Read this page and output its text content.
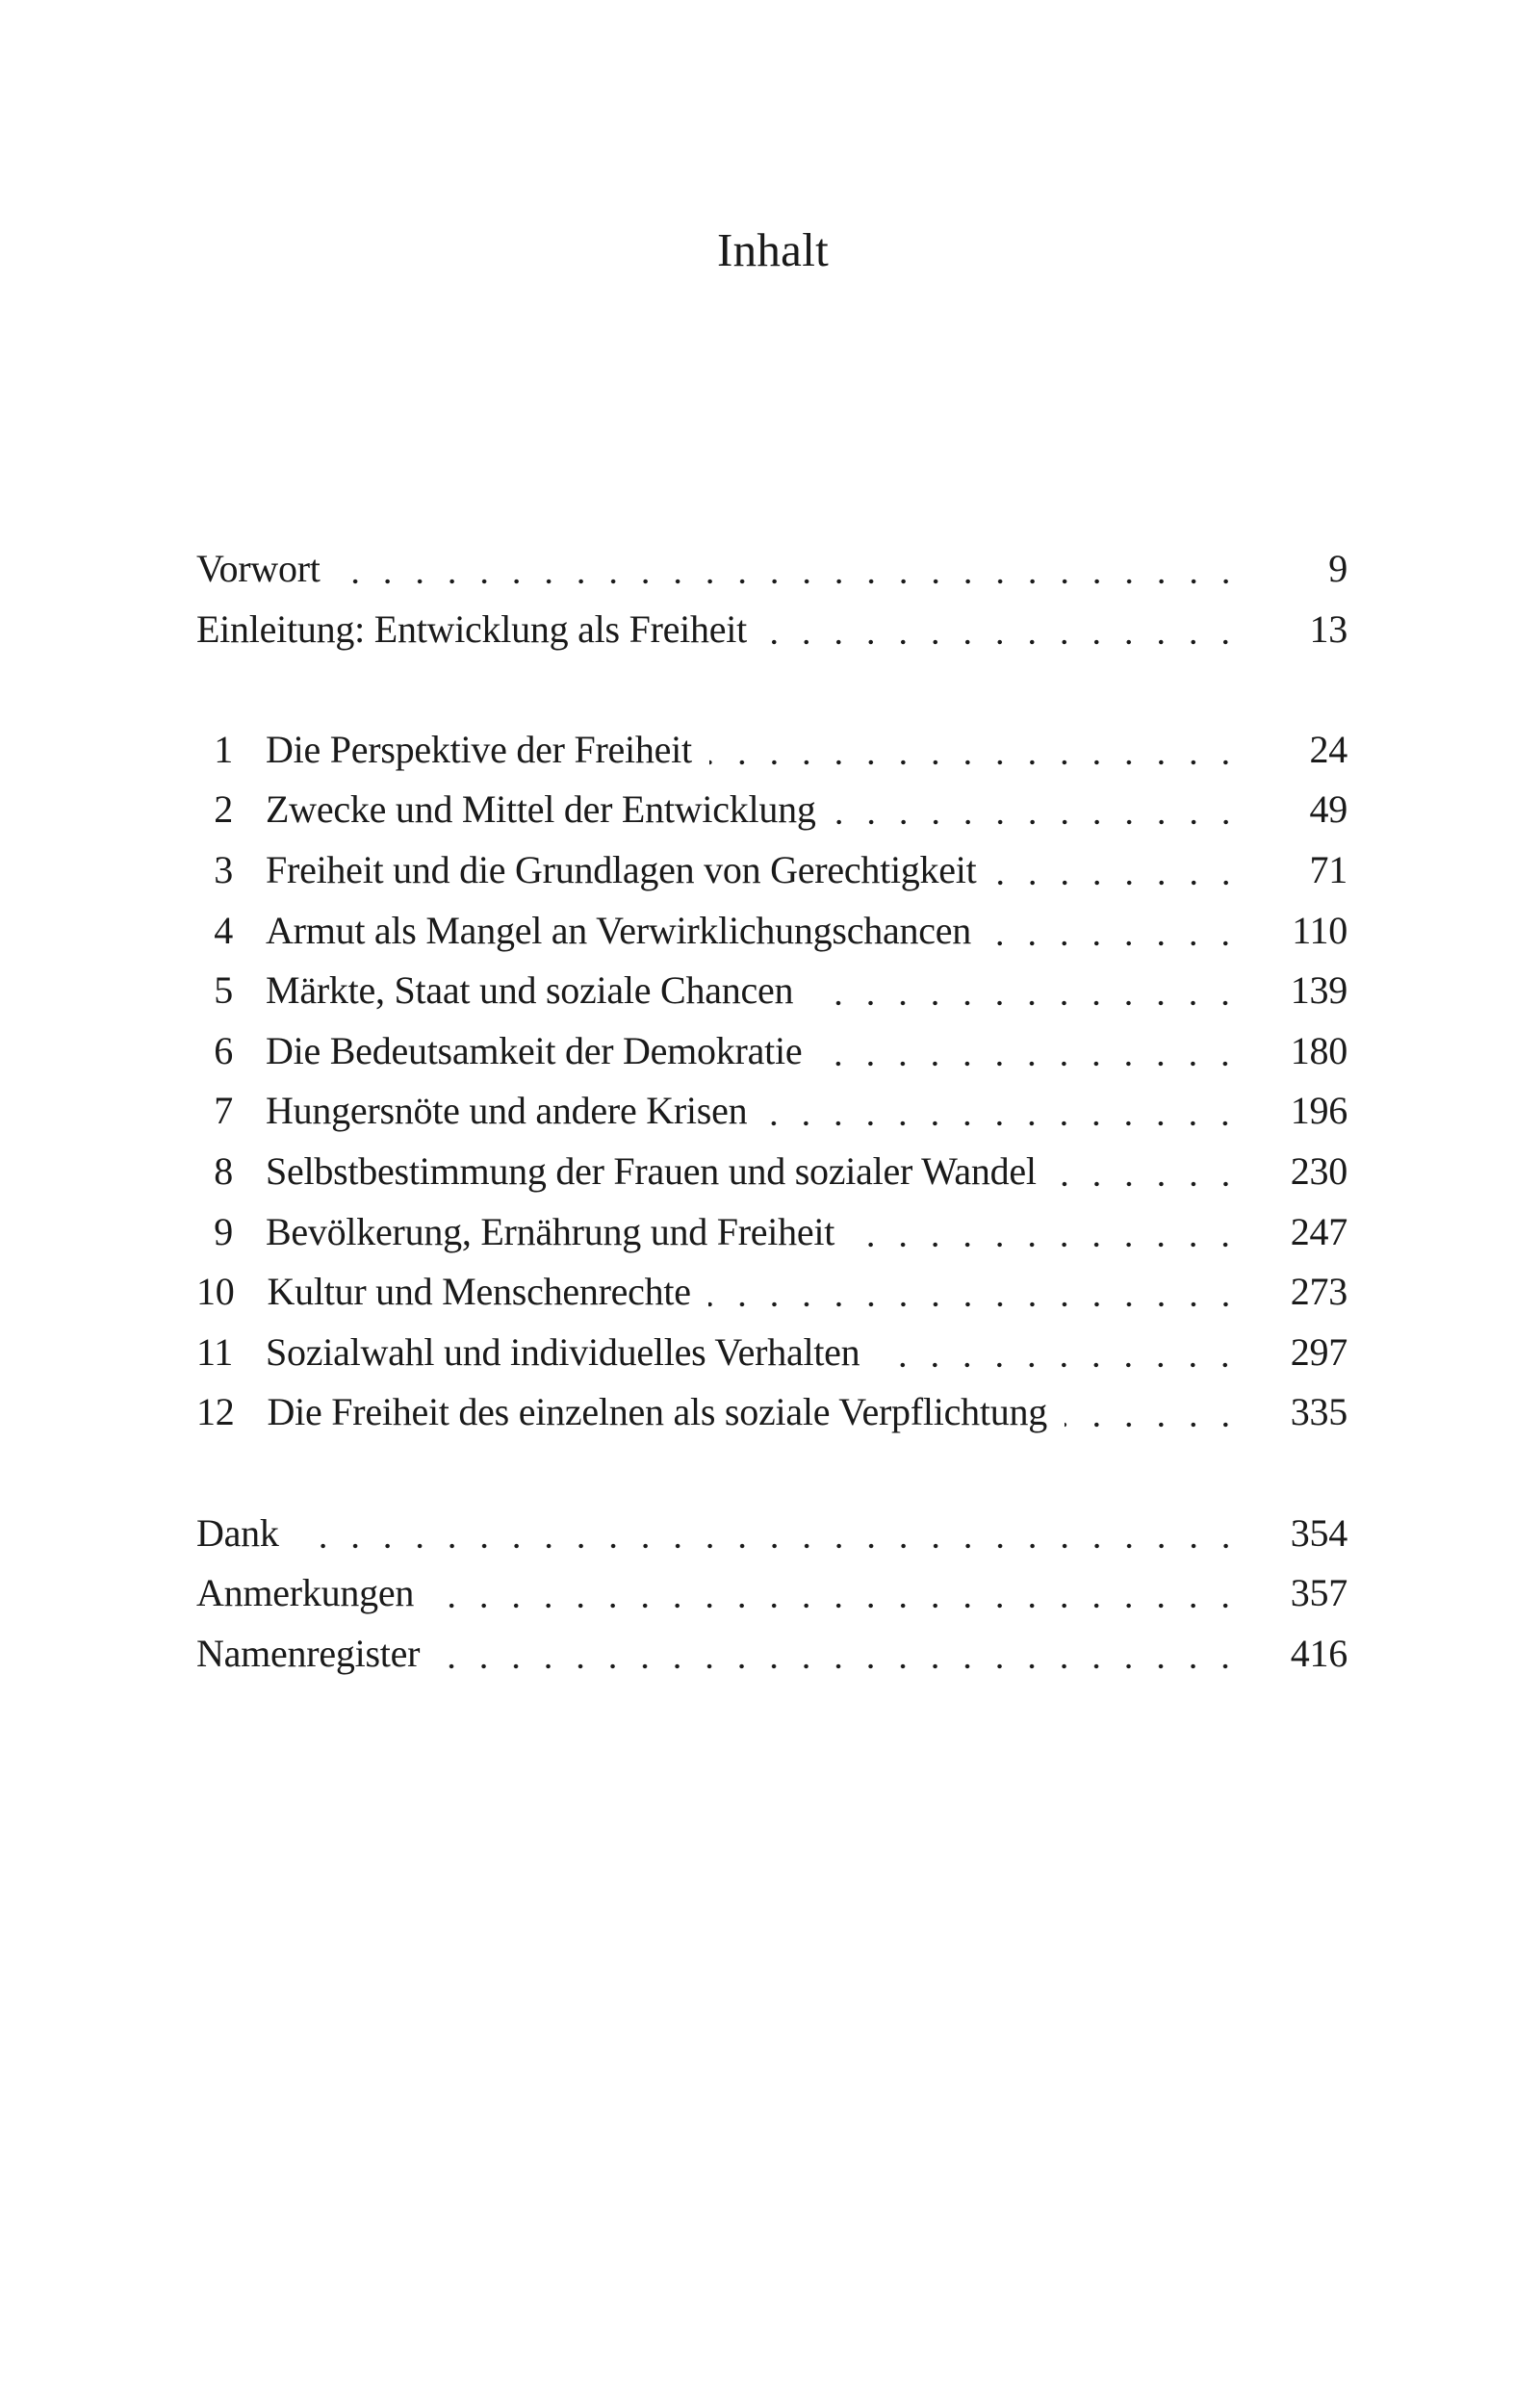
Inhalt
Vorwort	9
Einleitung: Entwicklung als Freiheit	13
1 Die Perspektive der Freiheit	24
2 Zwecke und Mittel der Entwicklung	49
3 Freiheit und die Grundlagen von Gerechtigkeit	71
4 Armut als Mangel an Verwirklichungschancen	110
5 Märkte, Staat und soziale Chancen	139
6 Die Bedeutsamkeit der Demokratie	180
7 Hungersnöte und andere Krisen	196
8 Selbstbestimmung der Frauen und sozialer Wandel	230
9 Bevölkerung, Ernährung und Freiheit	247
10 Kultur und Menschenrechte	273
11 Sozialwahl und individuelles Verhalten	297
12 Die Freiheit des einzelnen als soziale Verpflichtung	335
Dank	354
Anmerkungen	357
Namenregister	416
